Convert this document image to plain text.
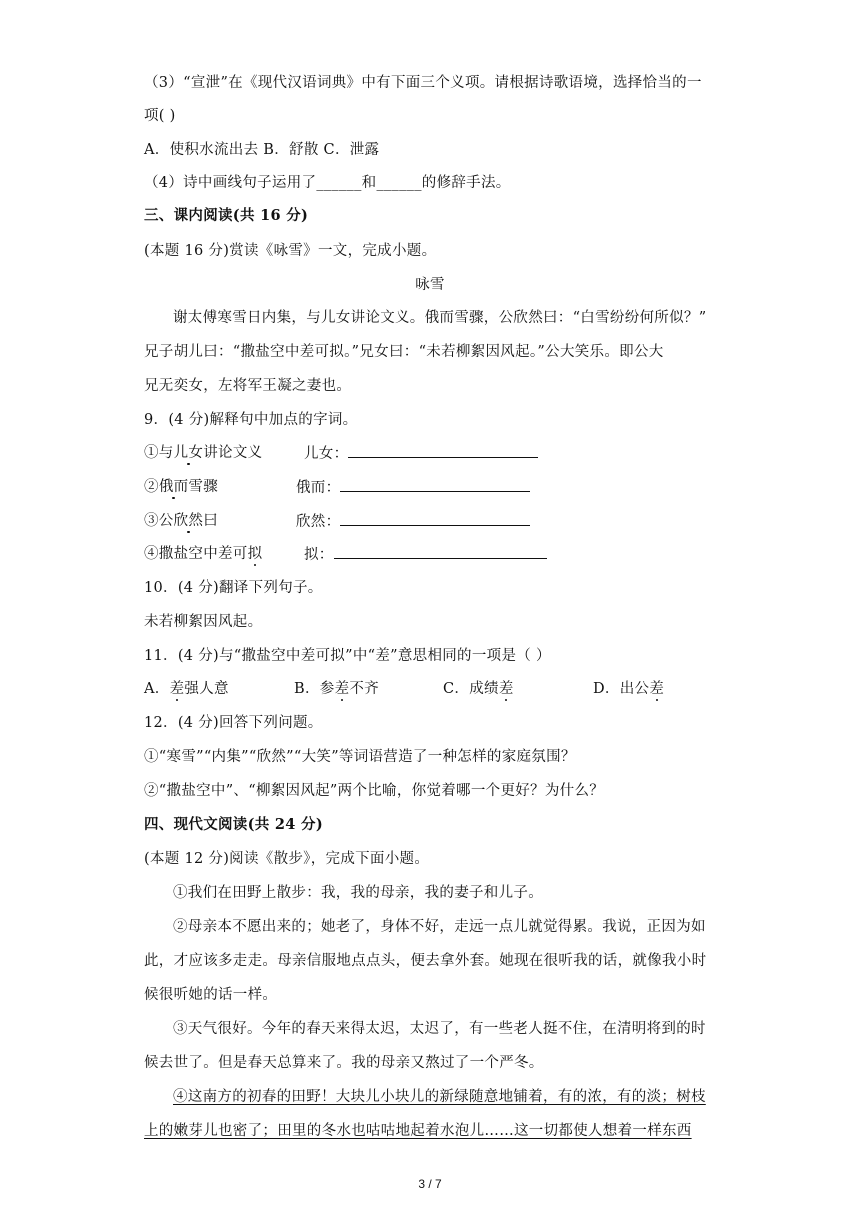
（3）“宣泄”在《现代汉语词典》中有下面三个义项。请根据诗歌语境，选择恰当的一
项( )
A．使积水流出去 B．舒散 C．泄露
（4）诗中画线句子运用了______和______的修辞手法。
三、课内阅读(共 16 分)
(本题 16 分)赏读《咏雪》一文，完成小题。
咏雪
谢太傅寒雪日内集，与儿女讲论文义。俄而雪骤，公欣然曰：“白雪纷纷何所似？”
兄子胡儿曰：“撒盐空中差可拟。”兄女曰：“未若柳絮因风起。”公大笑乐。即公大
兄无奕女，左将军王凝之妻也。
9．(4 分)解释句中加点的字词。
①与儿女讲论文义	儿女：
②俄而雪骤	俄而：
③公欣然曰	欣然：
④撒盐空中差可拟	拟：
10．(4 分)翻译下列句子。
未若柳絮因风起。
11．(4 分)与“撒盐空中差可拟”中“差”意思相同的一项是（ ）
A．差强人意	B．参差不齐	C．成绩差	D．出公差
12．(4 分)回答下列问题。
①“寒雪”“内集”“欣然”“大笑”等词语营造了一种怎样的家庭氛围？
②“撒盐空中”、“柳絮因风起”两个比喻，你觉着哪一个更好？为什么？
四、现代文阅读(共 24 分)
(本题 12 分)阅读《散步》，完成下面小题。
①我们在田野上散步：我，我的母亲，我的妻子和儿子。
②母亲本不愿出来的；她老了，身体不好，走远一点儿就觉得累。我说，正因为如
此，才应该多走走。母亲信服地点点头，便去拿外套。她现在很听我的话，就像我小时
候很听她的话一样。
③天气很好。今年的春天来得太迟，太迟了，有一些老人挺不住，在清明将到的时
候去世了。但是春天总算来了。我的母亲又熬过了一个严冬。
④这南方的初春的田野！大块儿小块儿的新绿随意地铺着，有的浓，有的淡；树枝
上的嫩芽儿也密了；田里的冬水也咕咕地起着水泡儿……这一切都使人想着一样东西
3 / 7
